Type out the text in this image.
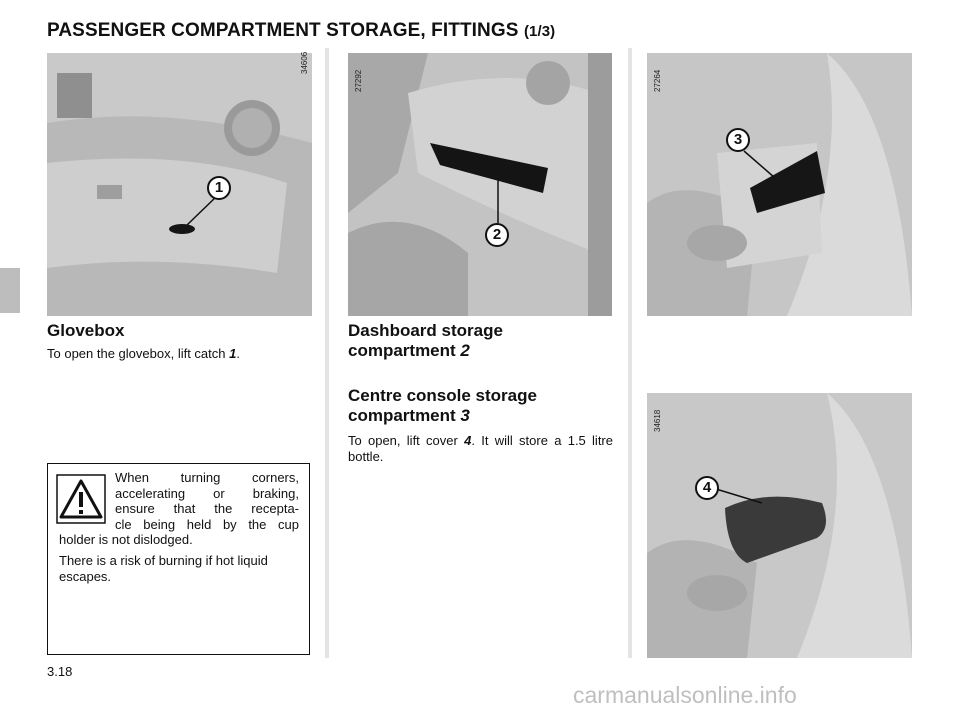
PASSENGER COMPARTMENT STORAGE, FITTINGS (1/3)
34606
1
27292
2
27264
3
34618
4
Glovebox
To open the glovebox, lift catch 1.
Dashboard storage
compartment 2
Centre console storage
compartment 3
To open, lift cover 4. It will store a 1.5 litre bottle.
When turning corners,
accelerating or braking,
ensure that the recepta-
cle being held by the cup
holder is not dislodged.
There is a risk of burning if hot liquid escapes.
3.18
carmanualsonline.info
